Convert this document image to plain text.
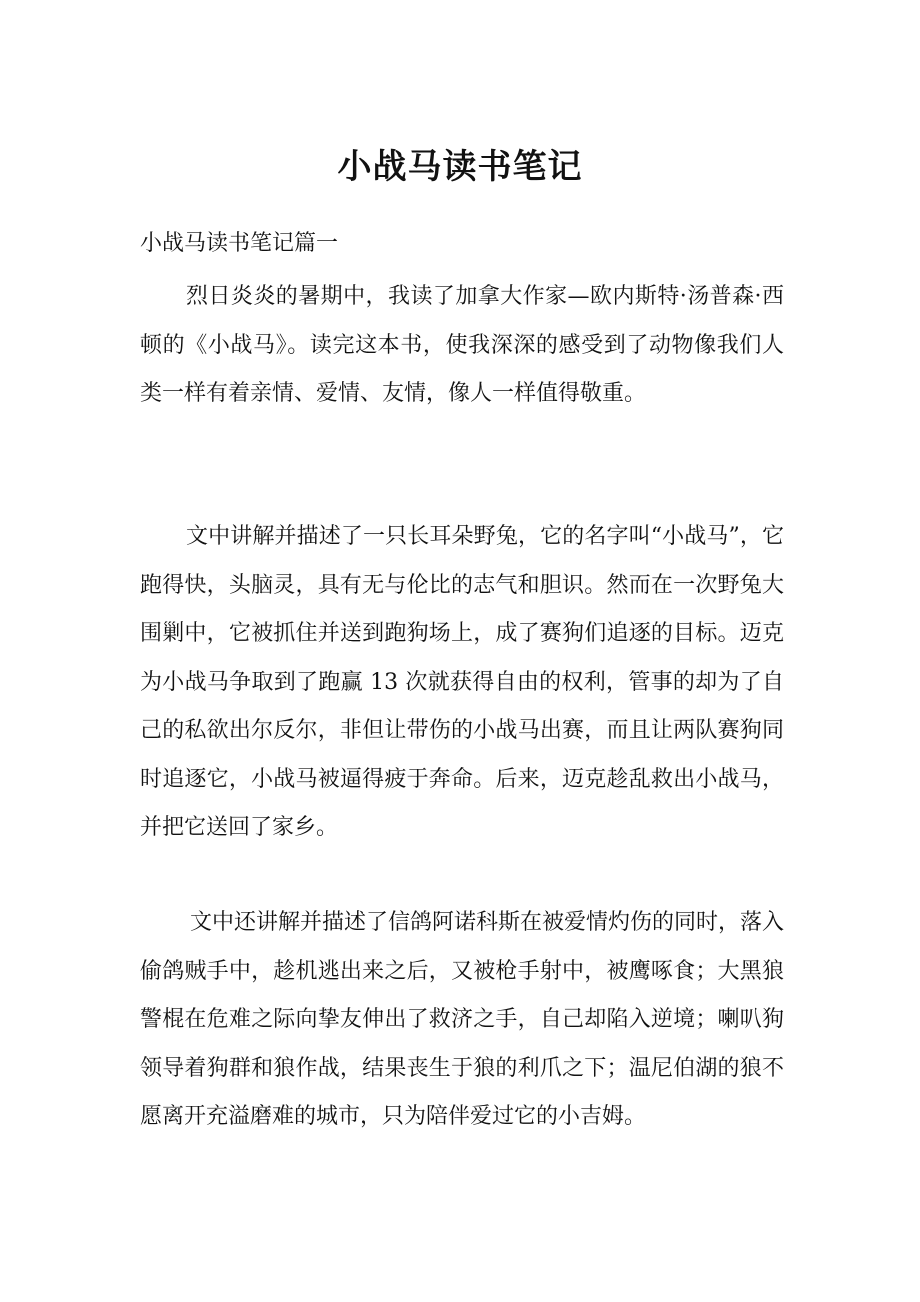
小战马读书笔记
小战马读书笔记篇一

烈日炎炎的暑期中，我读了加拿大作家—欧内斯特·汤普森·西顿的《小战马》。读完这本书，使我深深的感受到了动物像我们人类一样有着亲情、爱情、友情，像人一样值得敬重。

文中讲解并描述了一只长耳朵野兔，它的名字叫“小战马”，它跑得快，头脑灵，具有无与伦比的志气和胆识。然而在一次野兔大围剿中，它被抓住并送到跑狗场上，成了赛狗们追逐的目标。迈克为小战马争取到了跑赢 13 次就获得自由的权利，管事的却为了自己的私欲出尔反尔，非但让带伤的小战马出赛，而且让两队赛狗同时追逐它，小战马被逼得疲于奔命。后来，迈克趁乱救出小战马，并把它送回了家乡。

文中还讲解并描述了信鸽阿诺科斯在被爱情灼伤的同时，落入偷鸽贼手中，趁机逃出来之后，又被枪手射中，被鹰啄食；大黑狼警棍在危难之际向挚友伸出了救济之手，自己却陷入逆境；喇叭狗领导着狗群和狼作战，结果丧生于狼的利爪之下；温尼伯湖的狼不愿离开充溢磨难的城市，只为陪伴爱过它的小吉姆。
